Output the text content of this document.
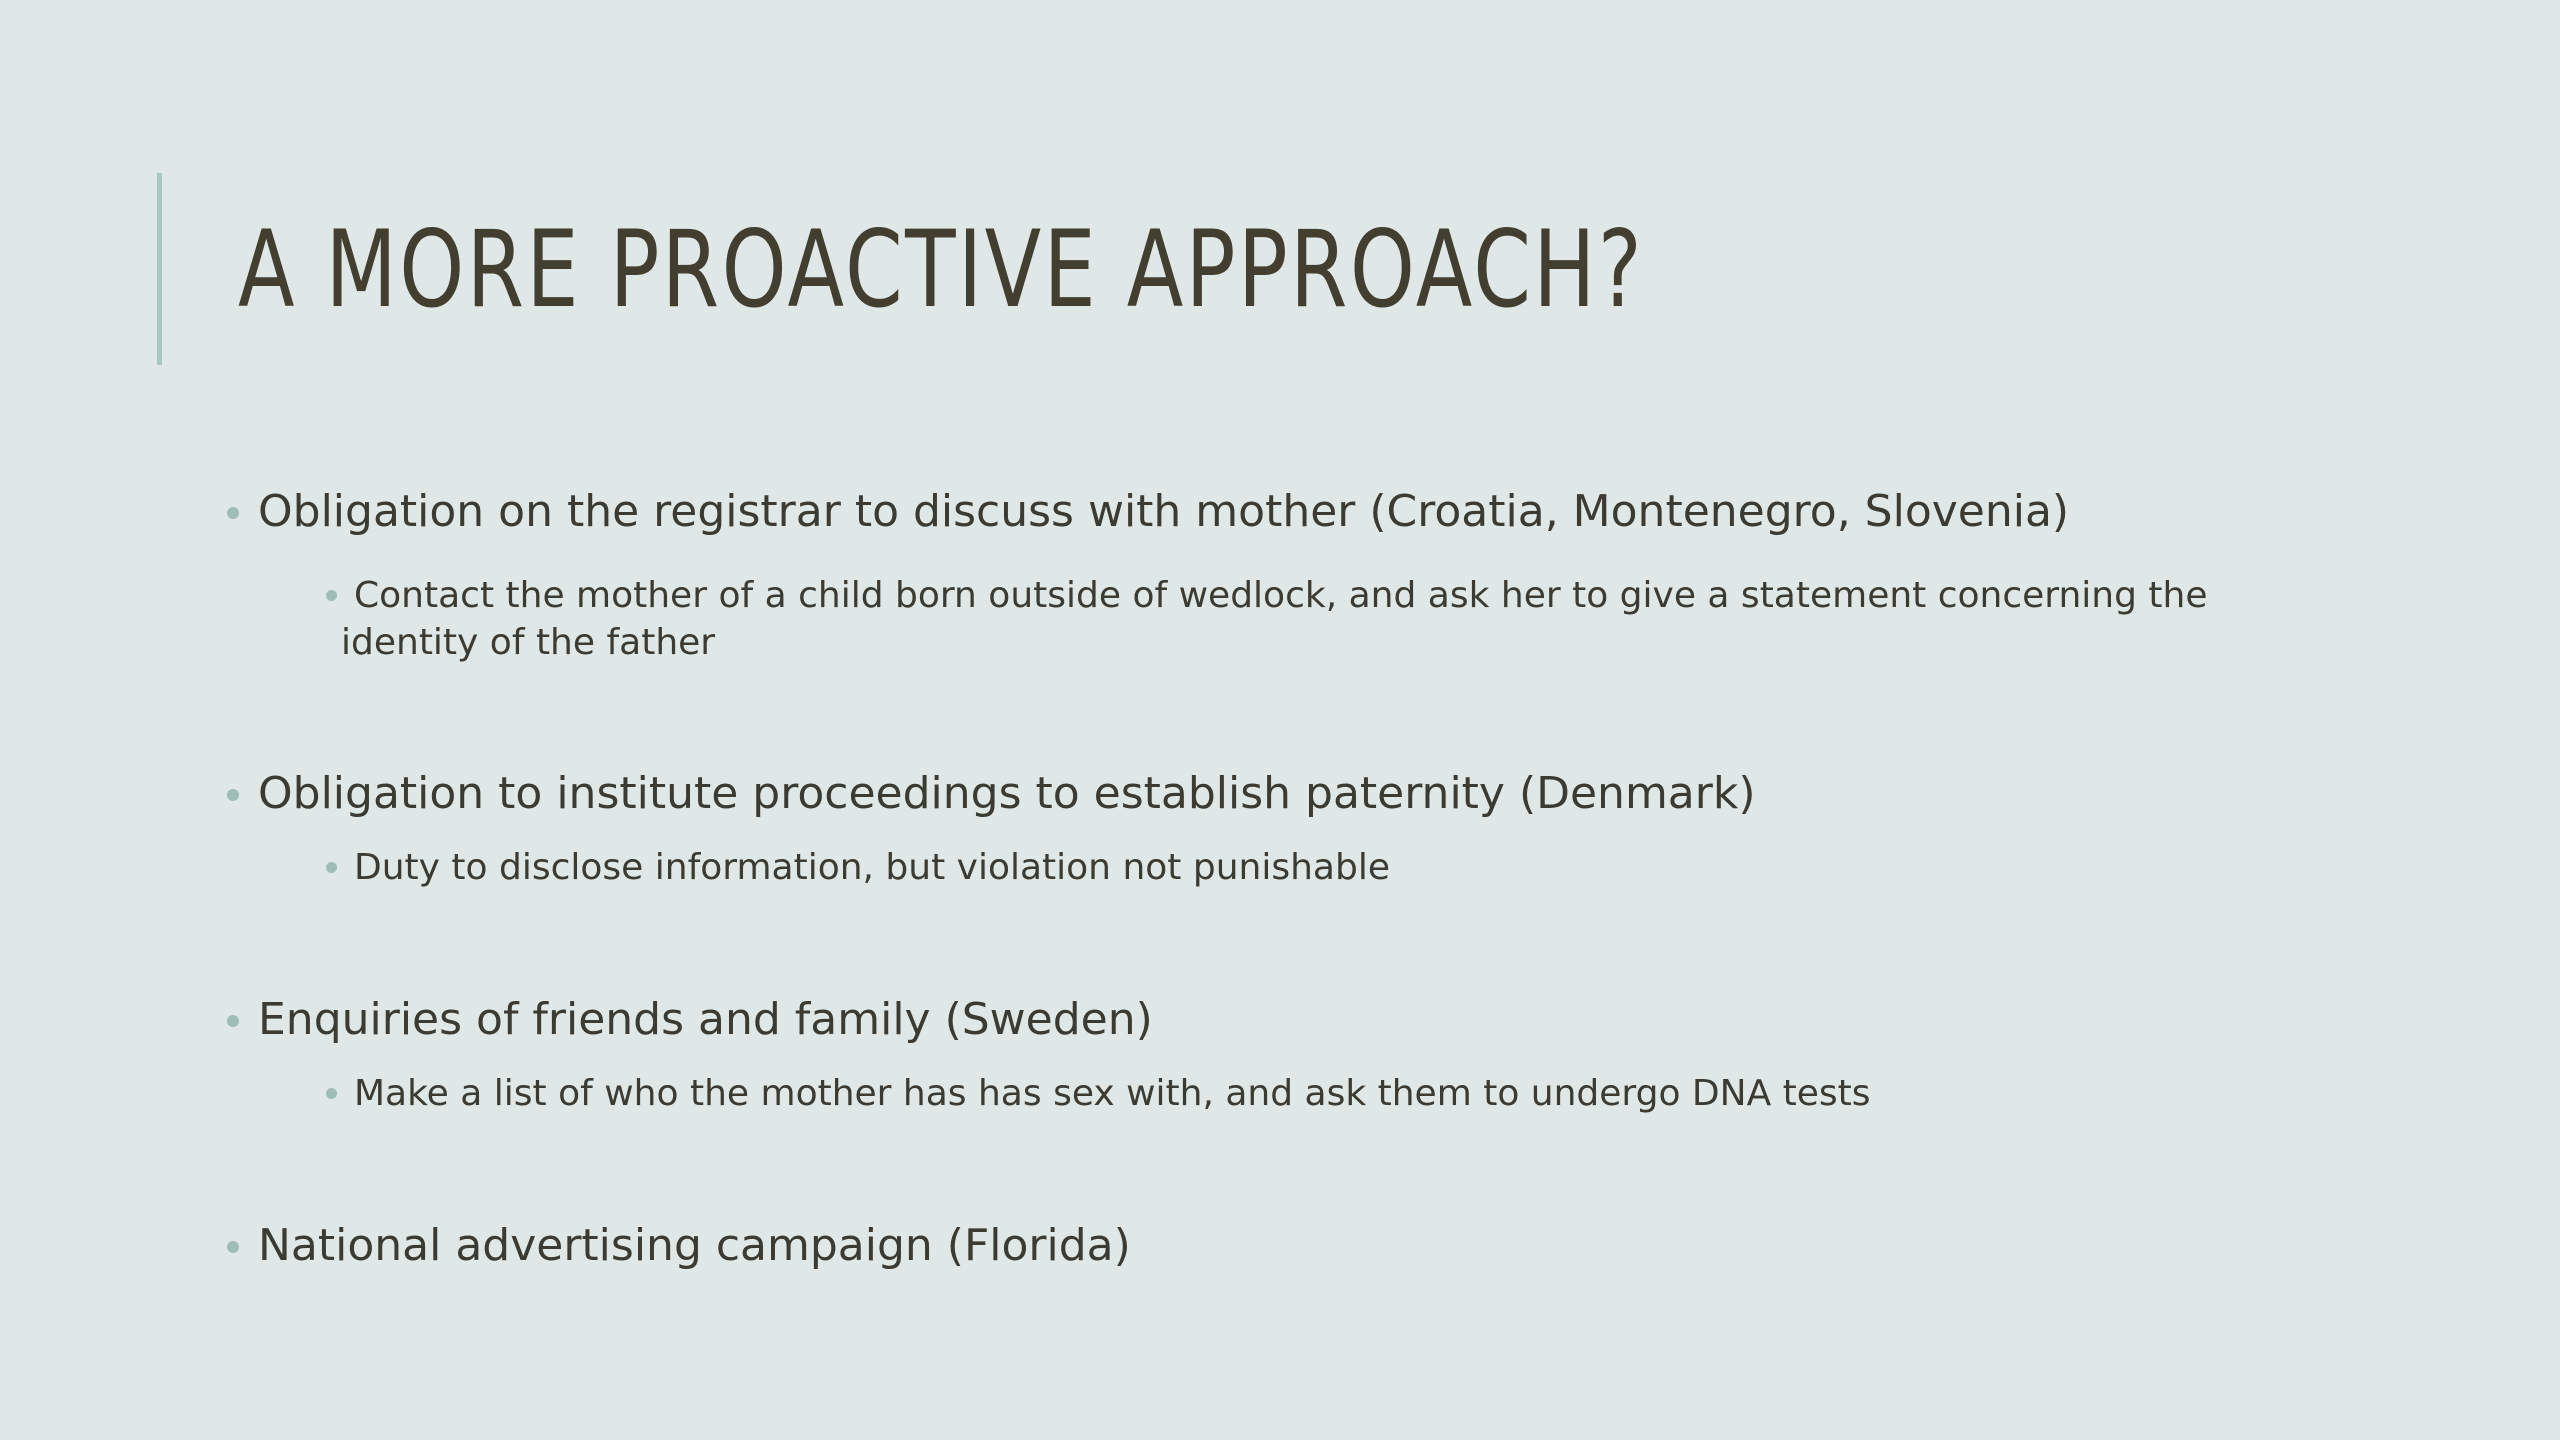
A MORE PROACTIVE APPROACH?
Obligation on the registrar to discuss with mother (Croatia, Montenegro, Slovenia)
Contact the mother of a child born outside of wedlock, and ask her to give a statement concerning the
identity of the father
Obligation to institute proceedings to establish paternity (Denmark)
Duty to disclose information, but violation not punishable
Enquiries of friends and family (Sweden)
Make a list of who the mother has has sex with, and ask them to undergo DNA tests
National advertising campaign (Florida)
